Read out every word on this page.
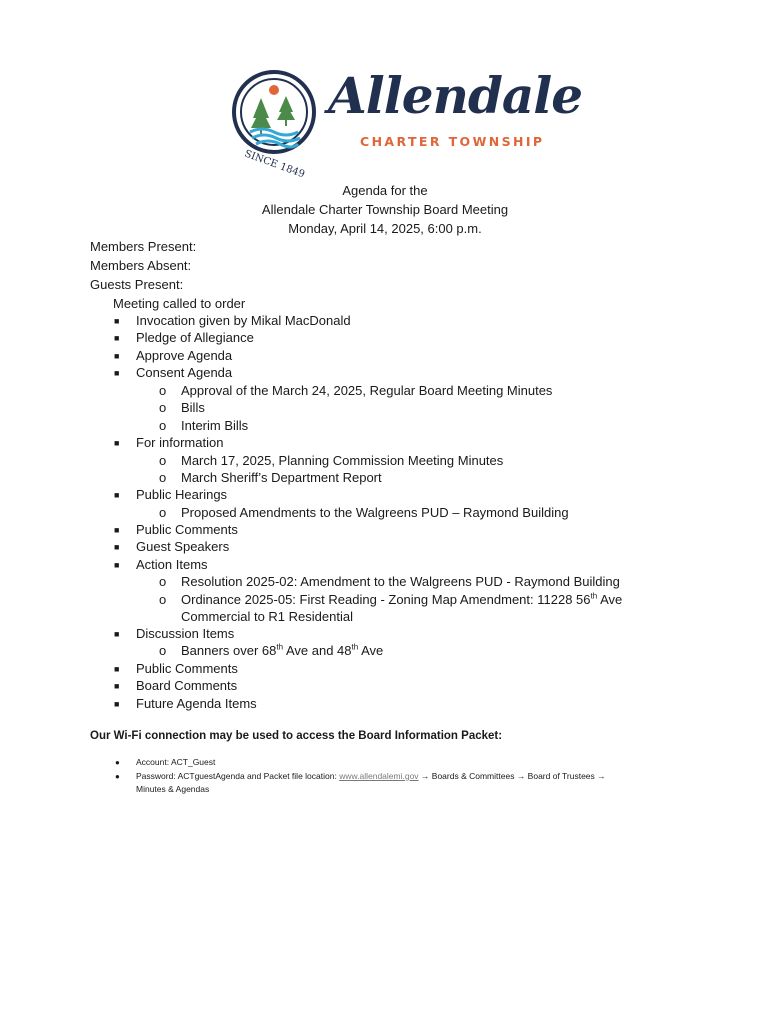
SINCE 1849
Allendale
CHARTER TOWNSHIP
Agenda for the
Allendale Charter Township Board Meeting
Monday, April 14, 2025, 6:00 p.m.
Members Present:
Members Absent:
Guests Present:
Meeting called to order
■ Invocation given by Mikal MacDonald
■ Pledge of Allegiance
■ Approve Agenda
■ Consent Agenda
o Approval of the March 24, 2025, Regular Board Meeting Minutes
o Bills
o Interim Bills
■ For information
o March 17, 2025, Planning Commission Meeting Minutes
o March Sheriff’s Department Report
■ Public Hearings
o Proposed Amendments to the Walgreens PUD – Raymond Building
■ Public Comments
■ Guest Speakers
■ Action Items
o Resolution 2025-02: Amendment to the Walgreens PUD - Raymond Building
o Ordinance 2025-05: First Reading - Zoning Map Amendment: 11228 56th Ave
Commercial to R1 Residential
■ Discussion Items
o Banners over 68th Ave and 48th Ave
■ Public Comments
■ Board Comments
■ Future Agenda Items
Our Wi-Fi connection may be used to access the Board Information Packet:
● Account: ACT_Guest
● Password: ACTguestAgenda and Packet file location: www.allendalemi.gov → Boards & Committees → Board of Trustees →
Minutes & Agendas
